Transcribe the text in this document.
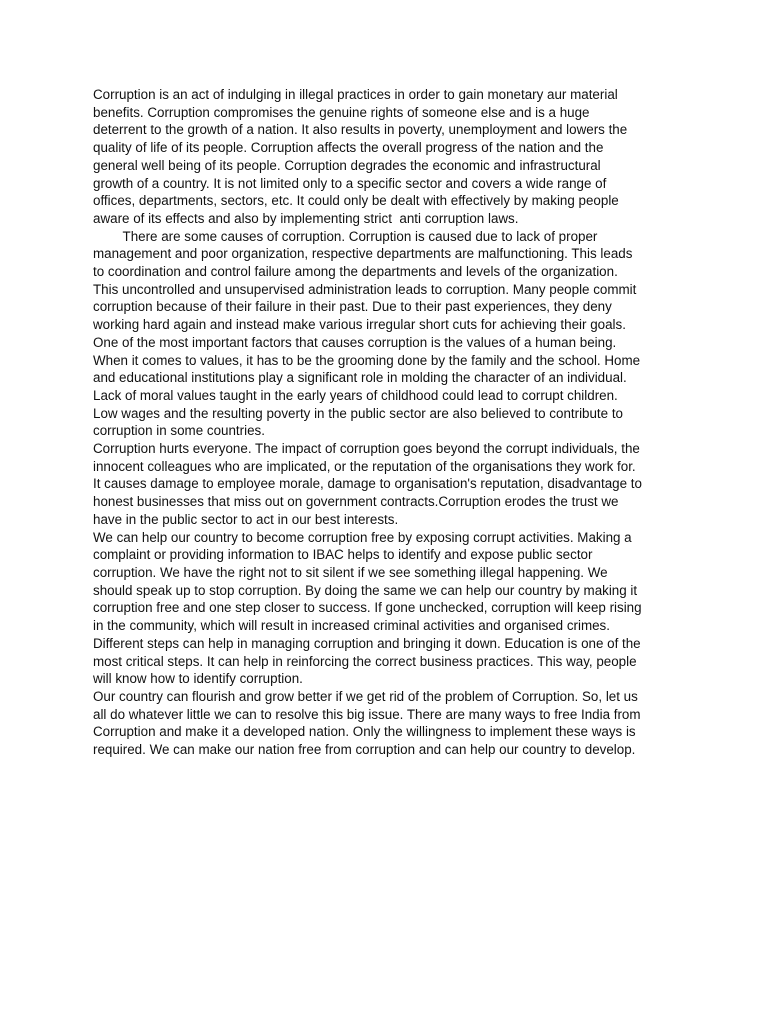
Corruption is an act of indulging in illegal practices in order to gain monetary aur material
benefits. Corruption compromises the genuine rights of someone else and is a huge
deterrent to the growth of a nation. It also results in poverty, unemployment and lowers the
quality of life of its people. Corruption affects the overall progress of the nation and the
general well being of its people. Corruption degrades the economic and infrastructural
growth of a country. It is not limited only to a specific sector and covers a wide range of
offices, departments, sectors, etc. It could only be dealt with effectively by making people
aware of its effects and also by implementing strict  anti corruption laws.
There are some causes of corruption. Corruption is caused due to lack of proper
management and poor organization, respective departments are malfunctioning. This leads
to coordination and control failure among the departments and levels of the organization.
This uncontrolled and unsupervised administration leads to corruption. Many people commit
corruption because of their failure in their past. Due to their past experiences, they deny
working hard again and instead make various irregular short cuts for achieving their goals.
One of the most important factors that causes corruption is the values of a human being.
When it comes to values, it has to be the grooming done by the family and the school. Home
and educational institutions play a significant role in molding the character of an individual.
Lack of moral values taught in the early years of childhood could lead to corrupt children.
Low wages and the resulting poverty in the public sector are also believed to contribute to
corruption in some countries.
Corruption hurts everyone. The impact of corruption goes beyond the corrupt individuals, the
innocent colleagues who are implicated, or the reputation of the organisations they work for.
It causes damage to employee morale, damage to organisation's reputation, disadvantage to
honest businesses that miss out on government contracts.Corruption erodes the trust we
have in the public sector to act in our best interests.
We can help our country to become corruption free by exposing corrupt activities. Making a
complaint or providing information to IBAC helps to identify and expose public sector
corruption. We have the right not to sit silent if we see something illegal happening. We
should speak up to stop corruption. By doing the same we can help our country by making it
corruption free and one step closer to success. If gone unchecked, corruption will keep rising
in the community, which will result in increased criminal activities and organised crimes.
Different steps can help in managing corruption and bringing it down. Education is one of the
most critical steps. It can help in reinforcing the correct business practices. This way, people
will know how to identify corruption.
Our country can flourish and grow better if we get rid of the problem of Corruption. So, let us
all do whatever little we can to resolve this big issue. There are many ways to free India from
Corruption and make it a developed nation. Only the willingness to implement these ways is
required. We can make our nation free from corruption and can help our country to develop.
